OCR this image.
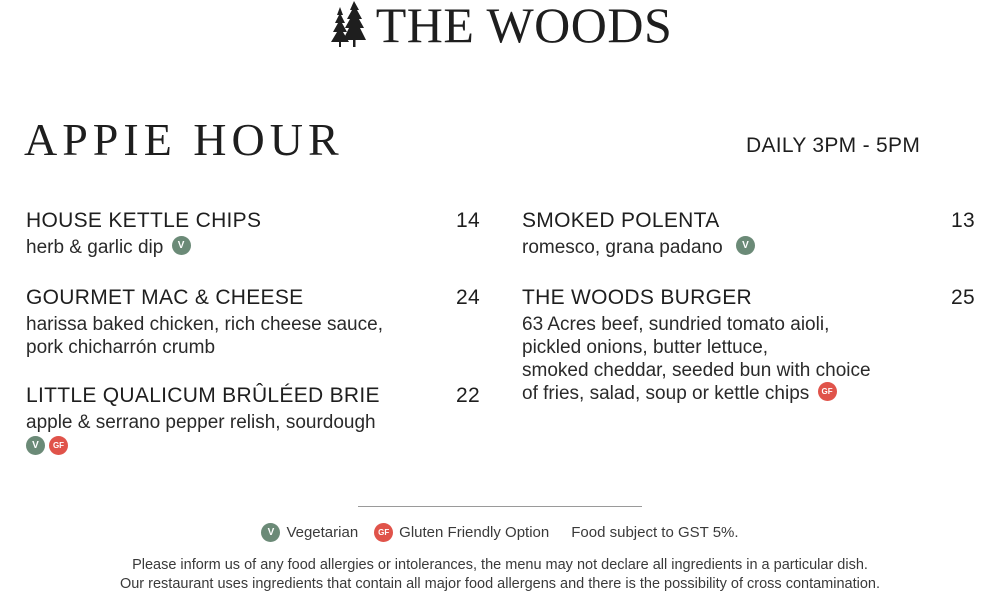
THE WOODS
APPIE HOUR	DAILY 3PM - 5PM
HOUSE KETTLE CHIPS	14
herb & garlic dip V
GOURMET MAC & CHEESE	24
harissa baked chicken, rich cheese sauce,
pork chicharrón crumb
LITTLE QUALICUM BRÛLÉED BRIE	22
apple & serrano pepper relish, sourdough
V GF
SMOKED POLENTA	13
romesco, grana padano V
THE WOODS BURGER	25
63 Acres beef, sundried tomato aioli,
pickled onions, butter lettuce,
smoked cheddar, seeded bun with choice
of fries, salad, soup or kettle chips GF
V Vegetarian	GF Gluten Friendly Option Food subject to GST 5%.
Please inform us of any food allergies or intolerances, the menu may not declare all ingredients in a particular dish.
Our restaurant uses ingredients that contain all major food allergens and there is the possibility of cross contamination.
